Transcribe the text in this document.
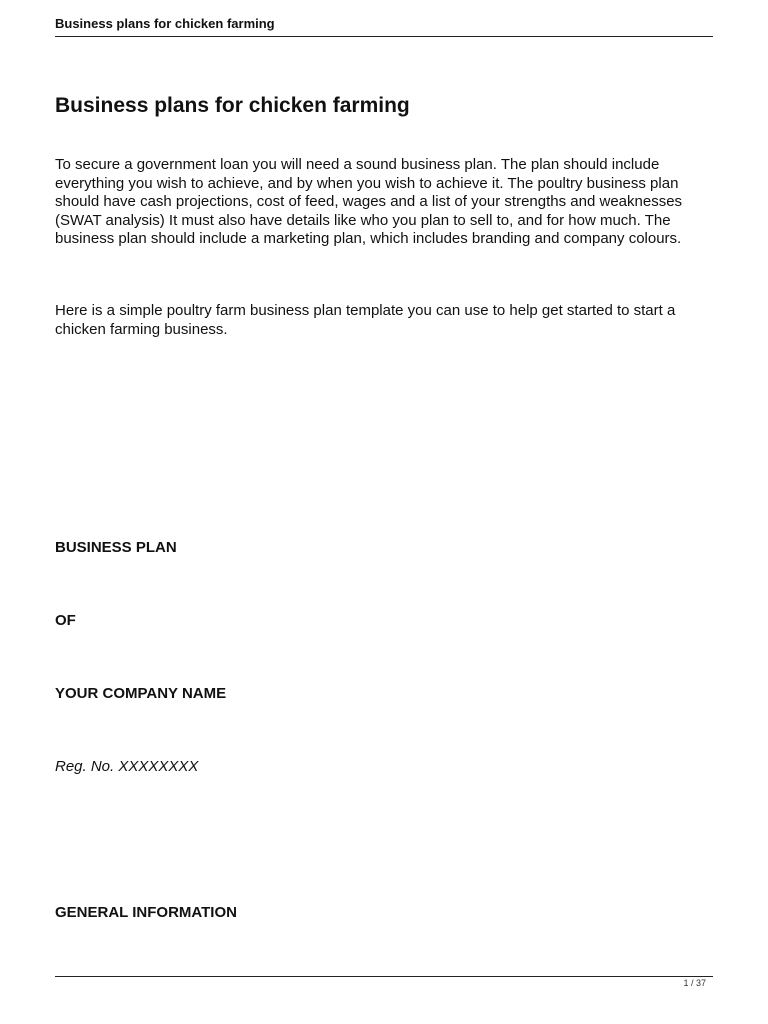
Business plans for chicken farming
Business plans for chicken farming

To secure a government loan you will need a sound business plan. The plan should include everything you wish to achieve, and by when you wish to achieve it. The poultry business plan should have cash projections, cost of feed, wages and a list of your strengths and weaknesses (SWAT analysis) It must also have details like who you plan to sell to, and for how much. The business plan should include a marketing plan, which includes branding and company colours.

Here is a simple poultry farm business plan template you can use to help get started to start a chicken farming business.

BUSINESS PLAN

OF

YOUR COMPANY NAME

Reg. No. XXXXXXXX

GENERAL INFORMATION

1 / 37
